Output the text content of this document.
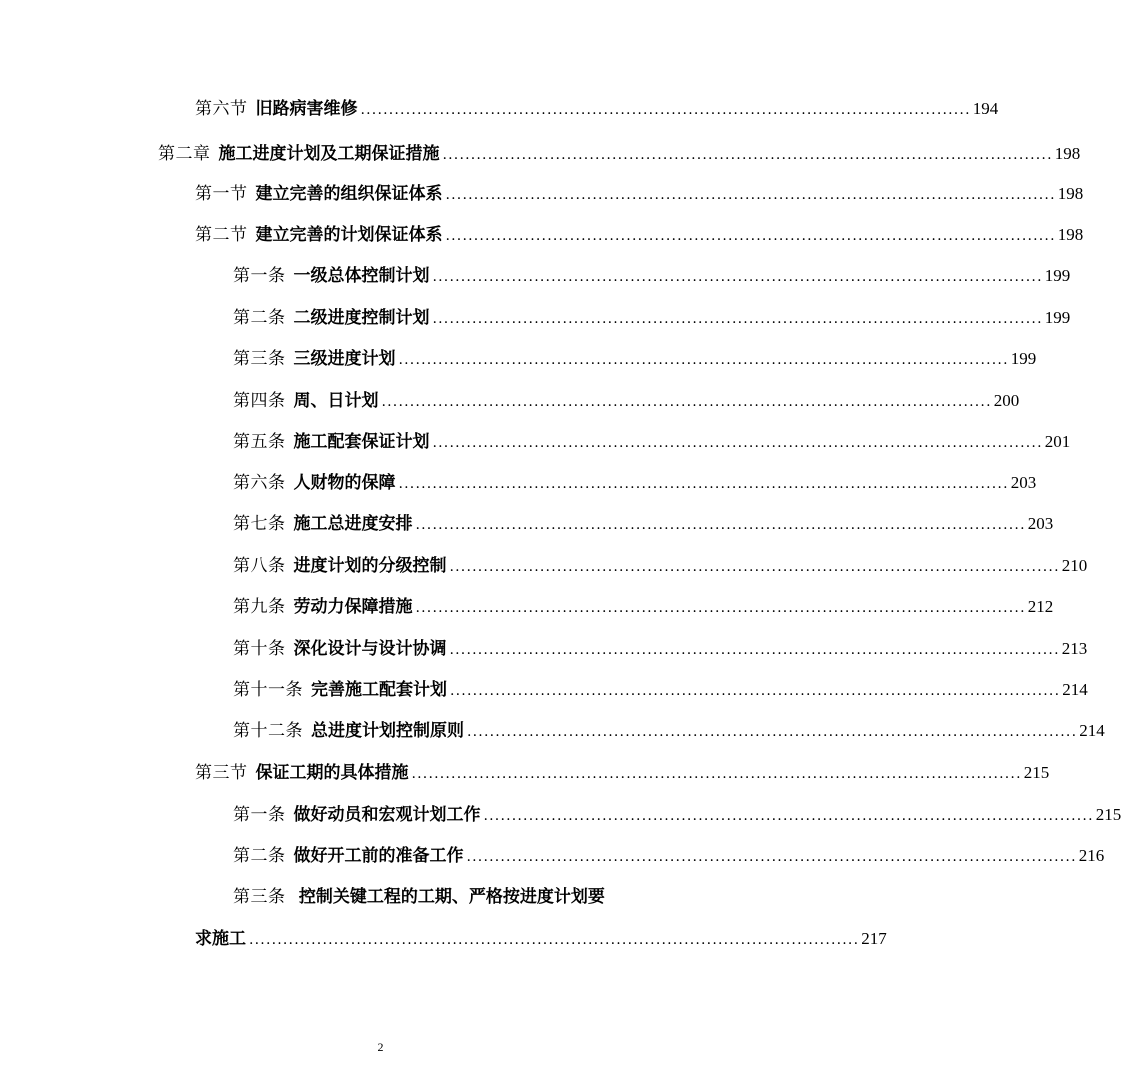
第六节 旧路病害维修 ............................................................................................................ 194
第二章 施工进度计划及工期保证措施 ............................................................................................................ 198
第一节 建立完善的组织保证体系 ............................................................................................................ 198
第二节 建立完善的计划保证体系 ............................................................................................................ 198
第一条 一级总体控制计划 ............................................................................................................ 199
第二条 二级进度控制计划 ............................................................................................................ 199
第三条 三级进度计划 ............................................................................................................ 199
第四条 周、日计划 ............................................................................................................ 200
第五条 施工配套保证计划 ............................................................................................................ 201
第六条 人财物的保障 ............................................................................................................ 203
第七条 施工总进度安排 ............................................................................................................ 203
第八条 进度计划的分级控制 ............................................................................................................ 210
第九条 劳动力保障措施 ............................................................................................................ 212
第十条 深化设计与设计协调 ............................................................................................................ 213
第十一条 完善施工配套计划 ............................................................................................................ 214
第十二条 总进度计划控制原则 ............................................................................................................ 214
第三节 保证工期的具体措施 ............................................................................................................ 215
第一条 做好动员和宏观计划工作 ............................................................................................................ 215
第二条 做好开工前的准备工作 ............................................................................................................ 216
第三条 控制关键工程的工期、严格按进度计划要
求施工 ............................................................................................................ 217
2
